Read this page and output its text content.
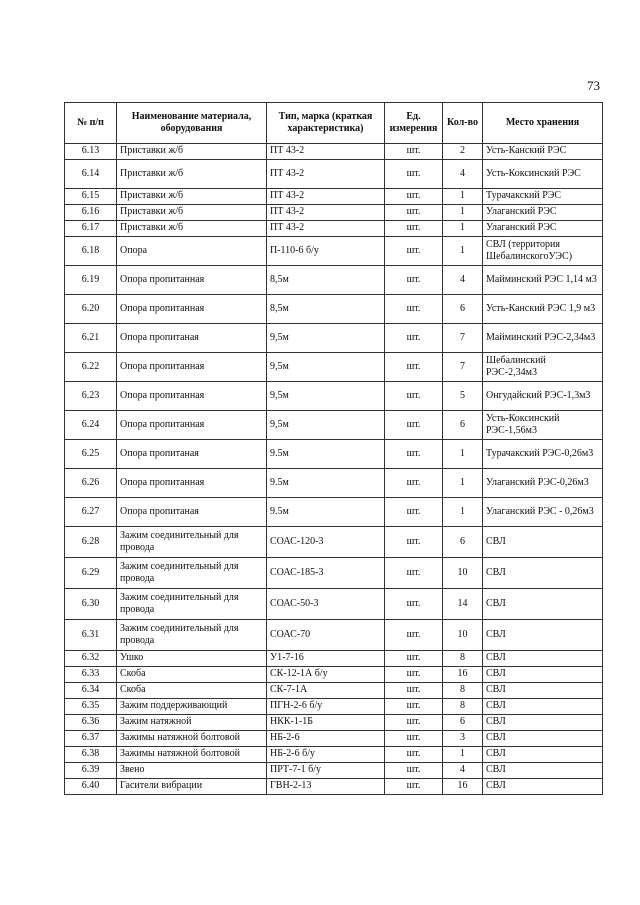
73
№ п/п	Наименование материала, оборудования	Тип, марка (краткая характеристика)	Ед. измерения	Кол-во	Место хранения
6.13	Приставки ж/б	ПТ 43-2	шт.	2	Усть-Канский РЭС
6.14	Приставки ж/б	ПТ 43-2	шт.	4	Усть-Коксинский РЭС
6.15	Приставки ж/б	ПТ 43-2	шт.	1	Турачакский РЭС
6.16	Приставки ж/б	ПТ 43-2	шт.	1	Улаганский РЭС
6.17	Приставки ж/б	ПТ 43-2	шт.	1	Улаганский РЭС
6.18	Опора	П-110-6 б/у	шт.	1	СВЛ (территория ШебалинскогоУЭС)
6.19	Опора пропитанная	8,5м	шт.	4	Майминский РЭС 1,14 м3
6.20	Опора пропитанная	8,5м	шт.	6	Усть-Канский РЭС 1,9 м3
6.21	Опора пропитаная	9,5м	шт.	7	Майминский РЭС-2,34м3
6.22	Опора пропитанная	9,5м	шт.	7	Шебалинский РЭС-2,34м3
6.23	Опора пропитанная	9,5м	шт.	5	Онгудайский РЭС-1,3м3
6.24	Опора пропитанная	9,5м	шт.	6	Усть-Коксинский РЭС-1,56м3
6.25	Опора пропитаная	9.5м	шт.	1	Турачакский РЭС-0,26м3
6.26	Опора пропитанная	9.5м	шт.	1	Улаганский РЭС-0,26м3
6.27	Опора пропитаная	9.5м	шт.	1	Улаганский РЭС - 0,26м3
6.28	Зажим соединительный для провода	СОАС-120-3	шт.	6	СВЛ
6.29	Зажим соединительный для провода	СОАС-185-3	шт.	10	СВЛ
6.30	Зажим соединительный для провода	СОАС-50-3	шт.	14	СВЛ
6.31	Зажим соединительный для провода	СОАС-70	шт.	10	СВЛ
6.32	Ушко	У1-7-16	шт.	8	СВЛ
6.33	Скоба	СК-12-1А б/у	шт.	16	СВЛ
6.34	Скоба	СК-7-1А	шт.	8	СВЛ
6.35	Зажим поддерживающий	ПГН-2-6 б/у	шт.	8	СВЛ
6.36	Зажим натяжной	НКК-1-1Б	шт.	6	СВЛ
6.37	Зажимы натяжной болтовой	НБ-2-6	шт.	3	СВЛ
6.38	Зажимы натяжной болтовой	НБ-2-6 б/у	шт.	1	СВЛ
6.39	Звено	ПРТ-7-1 б/у	шт.	4	СВЛ
6.40	Гасители вибрации	ГВН-2-13	шт.	16	СВЛ
